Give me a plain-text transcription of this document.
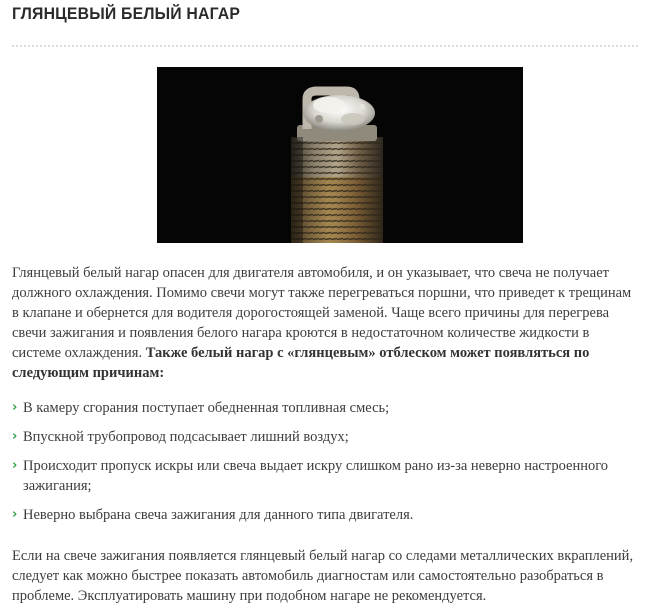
ГЛЯНЦЕВЫЙ БЕЛЫЙ НАГАР
Глянцевый белый нагар опасен для двигателя автомобиля, и он указывает, что свеча не получает должного охлаждения. Помимо свечи могут также перегреваться поршни, что приведет к трещинам в клапане и обернется для водителя дорогостоящей заменой. Чаще всего причины для перегрева свечи зажигания и появления белого нагара кроются в недостаточном количестве жидкости в системе охлаждения. Также белый нагар с «глянцевым» отблеском может появляться по следующим причинам:
› В камеру сгорания поступает обедненная топливная смесь;
› Впускной трубопровод подсасывает лишний воздух;
› Происходит пропуск искры или свеча выдает искру слишком рано из-за неверно настроенного зажигания;
› Неверно выбрана свеча зажигания для данного типа двигателя.
Если на свече зажигания появляется глянцевый белый нагар со следами металлических вкраплений, следует как можно быстрее показать автомобиль диагностам или самостоятельно разобраться в проблеме. Эксплуатировать машину при подобном нагаре не рекомендуется.
